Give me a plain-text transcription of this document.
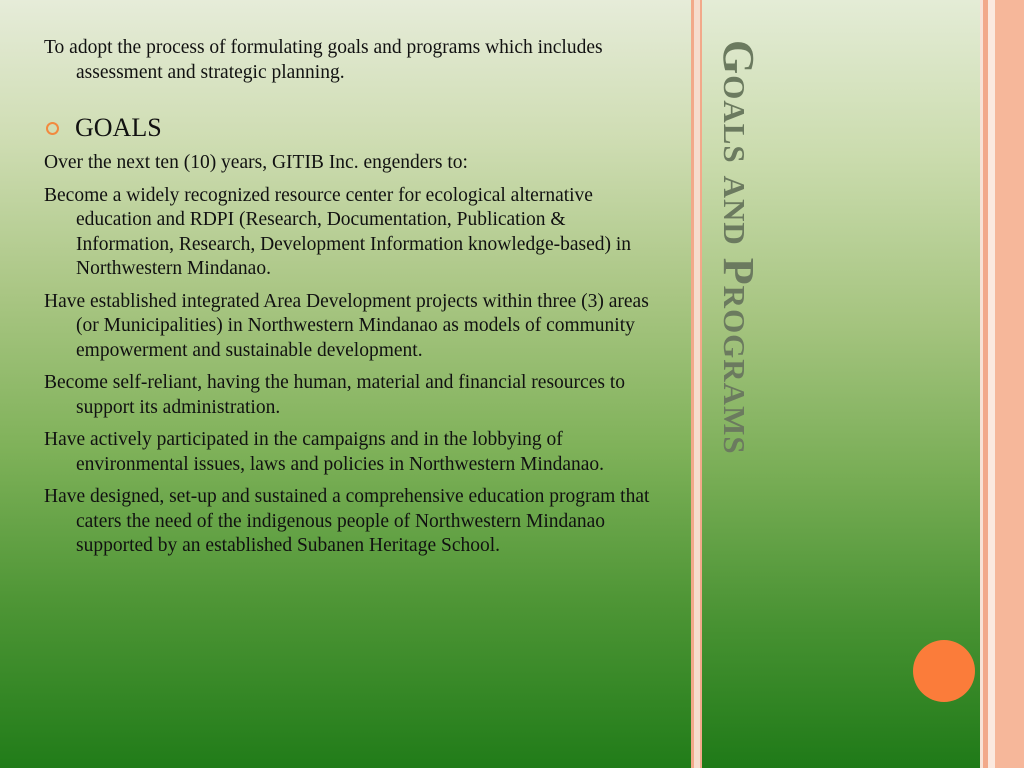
Goals and Programs

To adopt the process of formulating goals and programs which includes assessment and strategic planning.

GOALS

Over the next ten (10) years, GITIB Inc. engenders to:

Become a widely recognized resource center for ecological alternative education and RDPI (Research, Documentation, Publication & Information, Research, Development Information knowledge-based) in Northwestern Mindanao.

Have established integrated Area Development projects within three (3) areas (or Municipalities) in Northwestern Mindanao as models of community empowerment and sustainable development.

Become self-reliant, having the human, material and financial resources to support its administration.

Have actively participated in the campaigns and in the lobbying of environmental issues, laws and policies in Northwestern Mindanao.

Have designed, set-up and sustained a comprehensive education program that caters the need of the indigenous people of Northwestern Mindanao supported by an established Subanen Heritage School.
